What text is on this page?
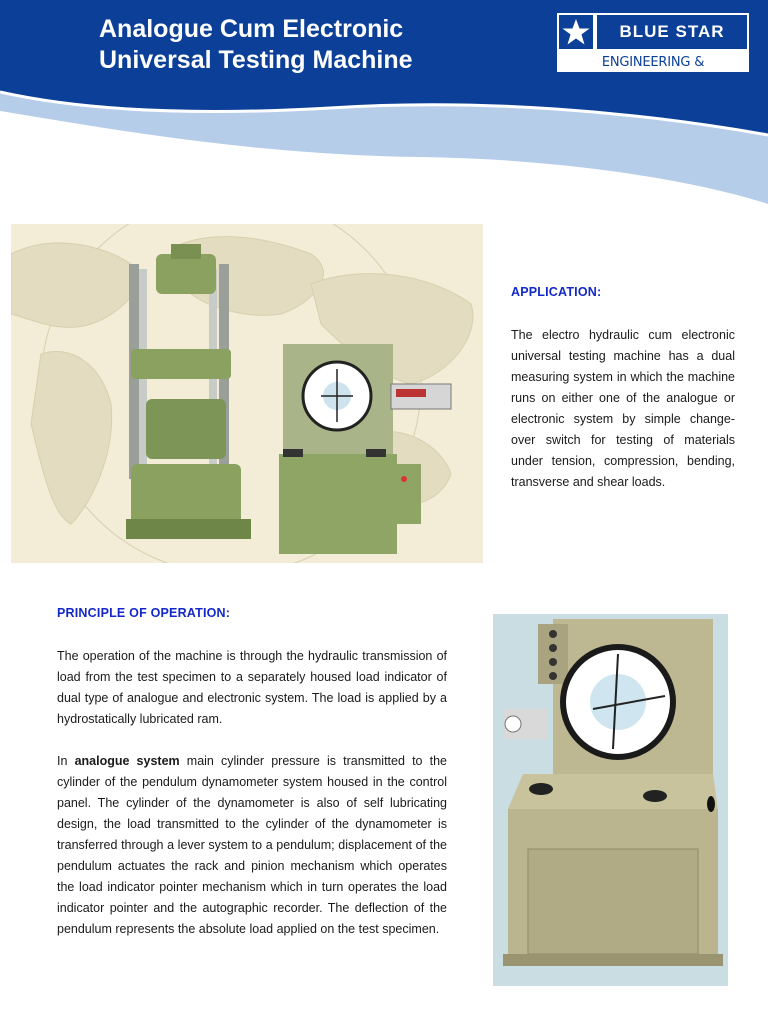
Analogue Cum Electronic
Universal Testing Machine
BLUE STAR
ENGINEERING & ELECTRONICS
APPLICATION:

The electro hydraulic cum electronic universal testing machine has a dual measuring system in which the machine runs on either one of the analogue or electronic system by simple change-over switch for testing of materials under tension, compression, bending, transverse and shear loads.

PRINCIPLE OF OPERATION:

The operation of the machine is through the hydraulic transmission of load from the test specimen to a separately housed load indicator of dual type of analogue and electronic system. The load is applied by a hydrostatically lubricated ram.

In analogue system main cylinder pressure is transmitted to the cylinder of the pendulum dynamometer system housed in the control panel. The cylinder of the dynamometer is also of self lubricating design, the load transmitted to the cylinder of the dynamometer is transferred through a lever system to a pendulum; displacement of the pendulum actuates the rack and pinion mechanism which operates the load indicator pointer mechanism which in turn operates the load indicator pointer and the autographic recorder. The deflection of the pendulum represents the absolute load applied on the test specimen.
